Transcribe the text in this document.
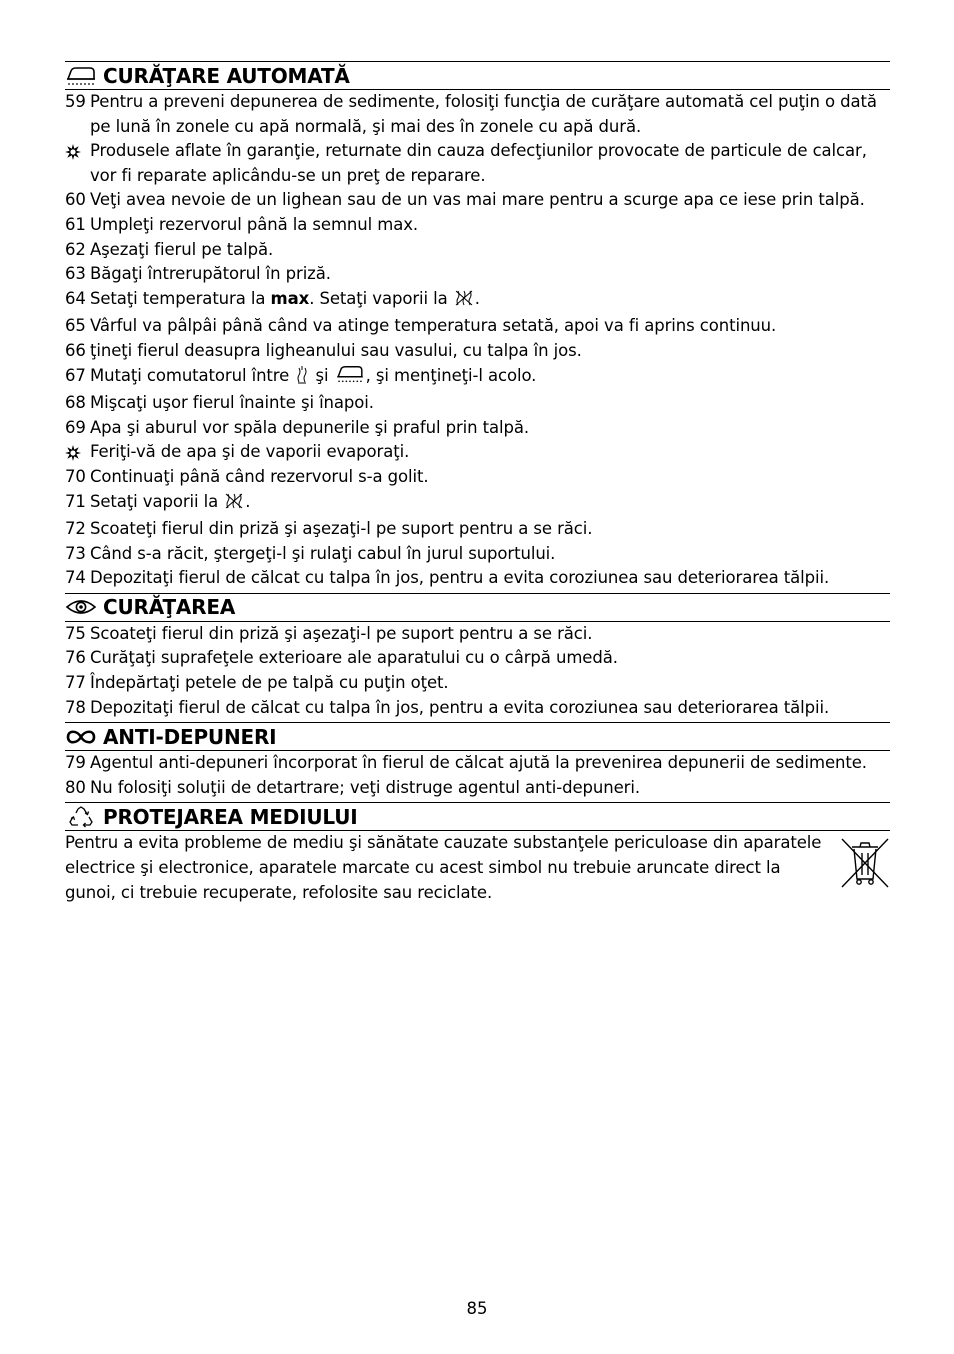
CURĂŢARE AUTOMATĂ
59 Pentru a preveni depunerea de sedimente, folosiţi funcţia de curăţare automată cel puţin o dată pe lună în zonele cu apă normală, şi mai des în zonele cu apă dură.
Produsele aflate în garanţie, returnate din cauza defecţiunilor provocate de particule de calcar, vor fi reparate aplicându-se un preţ de reparare.
60 Veţi avea nevoie de un lighean sau de un vas mai mare pentru a scurge apa ce iese prin talpă.
61 Umpleţi rezervorul până la semnul max.
62 Aşezaţi fierul pe talpă.
63 Băgaţi întrerupătorul în priză.
64 Setaţi temperatura la max. Setaţi vaporii la .
65 Vârful va pâlpâi până când va atinge temperatura setată, apoi va fi aprins continuu.
66 ţineţi fierul deasupra ligheanului sau vasului, cu talpa în jos.
67 Mutaţi comutatorul între  şi , şi menţineţi-l acolo.
68 Mişcaţi uşor fierul înainte şi înapoi.
69 Apa şi aburul vor spăla depunerile şi praful prin talpă.
Feriţi-vă de apa şi de vaporii evaporaţi.
70 Continuaţi până când rezervorul s-a golit.
71 Setaţi vaporii la .
72 Scoateţi fierul din priză şi aşezaţi-l pe suport pentru a se răci.
73 Când s-a răcit, ştergeţi-l şi rulaţi cabul în jurul suportului.
74 Depozitaţi fierul de călcat cu talpa în jos, pentru a evita coroziunea sau deteriorarea tălpii.
CURĂŢAREA
75 Scoateţi fierul din priză şi aşezaţi-l pe suport pentru a se răci.
76 Curăţaţi suprafeţele exterioare ale aparatului cu o cârpă umedă.
77 Îndepărtaţi petele de pe talpă cu puţin oţet.
78 Depozitaţi fierul de călcat cu talpa în jos, pentru a evita coroziunea sau deteriorarea tălpii.
ANTI-DEPUNERI
79 Agentul anti-depuneri încorporat în fierul de călcat ajută la prevenirea depunerii de sedimente.
80 Nu folosiţi soluţii de detartrare; veţi distruge agentul anti-depuneri.
PROTEJAREA MEDIULUI
Pentru a evita probleme de mediu şi sănătate cauzate substanţele periculoase din aparatele electrice şi electronice, aparatele marcate cu acest simbol nu trebuie aruncate direct la gunoi, ci trebuie recuperate, refolosite sau reciclate.
85
